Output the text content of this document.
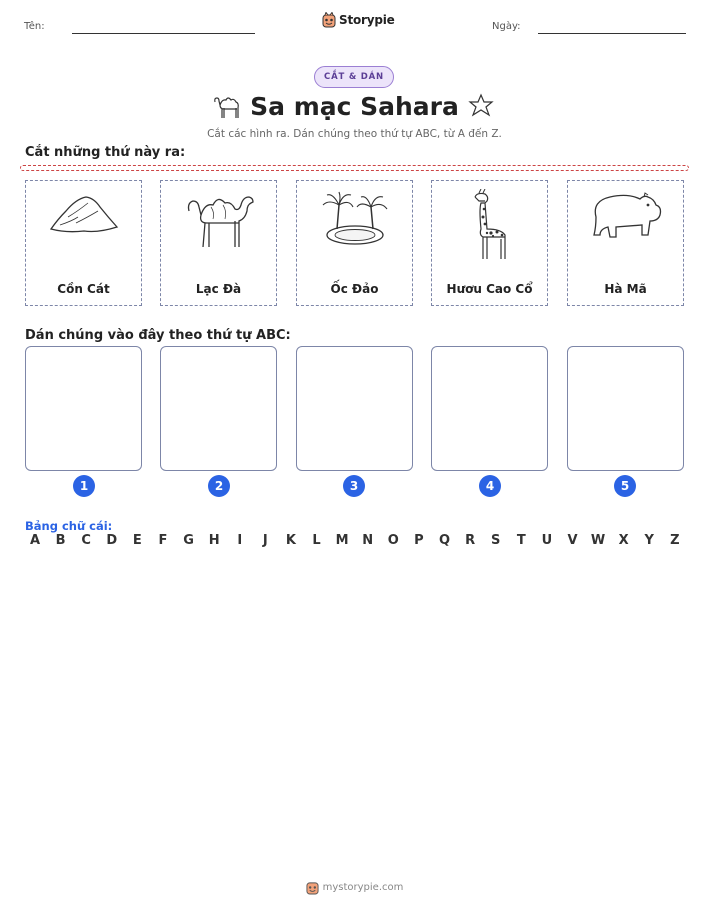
Tên:	Storypie	Ngày:
CẮT & DÁN
Sa mạc Sahara
Cắt các hình ra. Dán chúng theo thứ tự ABC, từ A đến Z.
Cắt những thứ này ra:
Cồn Cát	Lạc Đà	Ốc Đảo	Hươu Cao Cổ	Hà Mã
Dán chúng vào đây theo thứ tự ABC:
1	2	3	4	5
Bảng chữ cái:
A	B	C	D	E	F	G	H	I	J	K	L	M	N	O	P	Q	R	S	T	U	V	W	X	Y	Z
mystorypie.com
